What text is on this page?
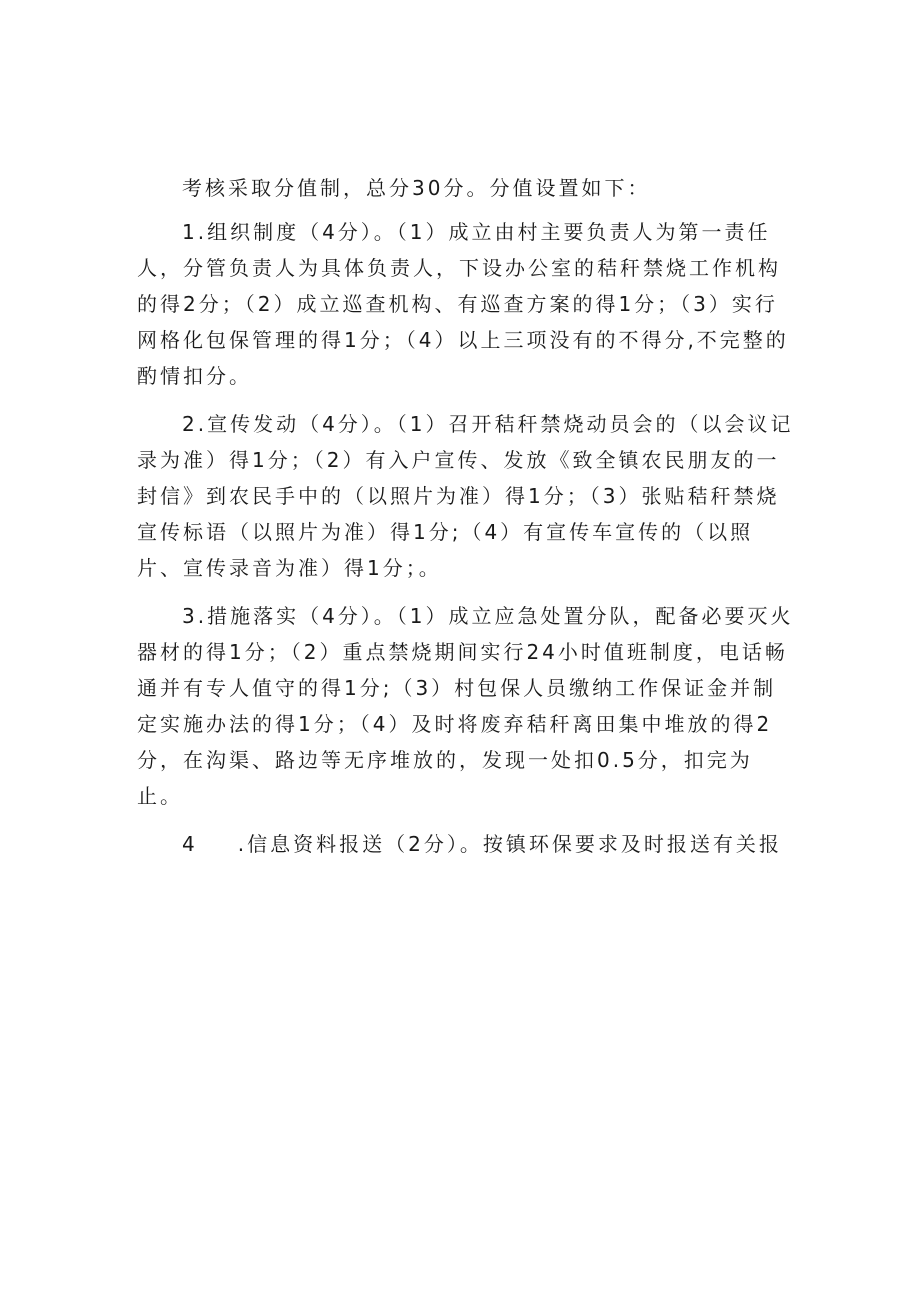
考核采取分值制，总分30分。分值设置如下：

1.组织制度（4分）。（1）成立由村主要负责人为第一责任人，分管负责人为具体负责人，下设办公室的秸秆禁烧工作机构的得2分；（2）成立巡查机构、有巡查方案的得1分；（3）实行网格化包保管理的得1分；（4）以上三项没有的不得分,不完整的酌情扣分。

2.宣传发动（4分）。（1）召开秸秆禁烧动员会的（以会议记录为准）得1分；（2）有入户宣传、发放《致全镇农民朋友的一封信》到农民手中的（以照片为准）得1分；（3）张贴秸秆禁烧宣传标语（以照片为准）得1分;（4）有宣传车宣传的（以照片、宣传录音为准）得1分；。

3.措施落实（4分）。（1）成立应急处置分队，配备必要灭火器材的得1分；（2）重点禁烧期间实行24小时值班制度，电话畅通并有专人值守的得1分;（3）村包保人员缴纳工作保证金并制定实施办法的得1分；（4）及时将废弃秸秆离田集中堆放的得2分，在沟渠、路边等无序堆放的，发现一处扣0.5分，扣完为止。

4 .信息资料报送（2分）。按镇环保要求及时报送有关报
